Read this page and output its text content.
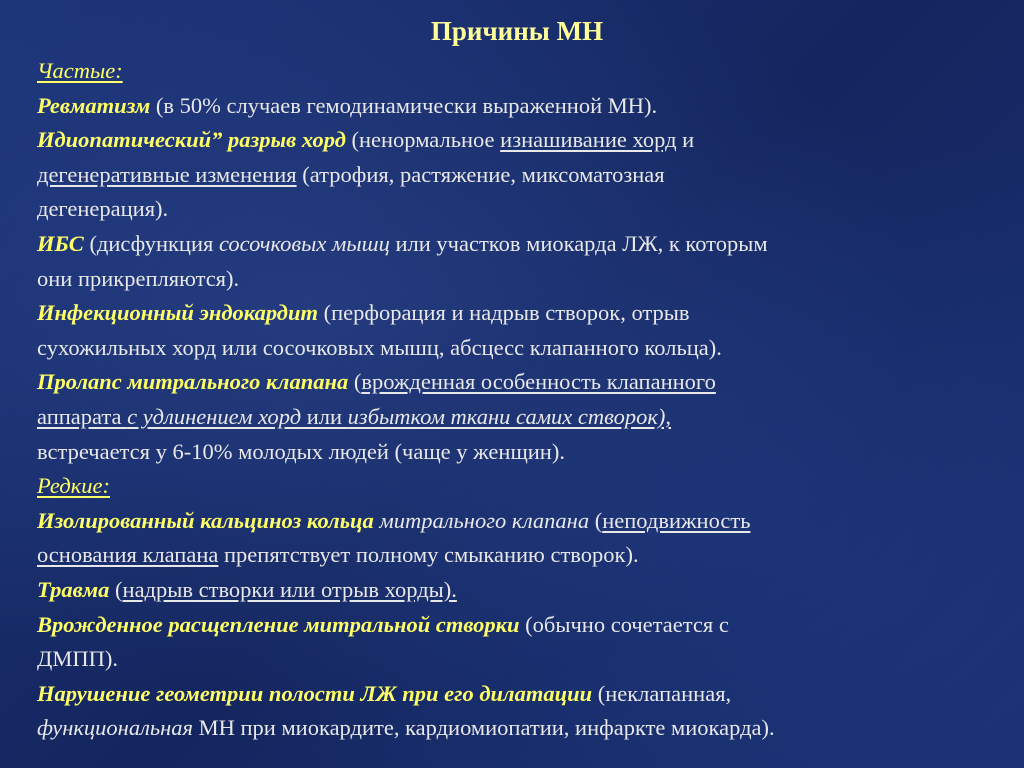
Причины МН
Частые:
Ревматизм (в 50% случаев гемодинамически выраженной МН).
Идиопатический” разрыв хорд (ненормальное изнашивание хорд и
дегенеративные изменения (атрофия, растяжение, миксоматозная
дегенерация).
ИБС (дисфункция сосочковых мышц или участков миокарда ЛЖ, к которым
они прикрепляются).
Инфекционный эндокардит (перфорация и надрыв створок, отрыв
сухожильных хорд или сосочковых мышц, абсцесс клапанного кольца).
Пролапс митрального клапана (врожденная особенность клапанного
аппарата с удлинением хорд или избытком ткани самих створок),
встречается у 6-10% молодых людей (чаще у женщин).
Редкие:
Изолированный кальциноз кольца митрального клапана (неподвижность
основания клапана препятствует полному смыканию створок).
Травма (надрыв створки или отрыв хорды).
Врожденное расщепление митральной створки (обычно сочетается с
ДМПП).
Нарушение геометрии полости ЛЖ при его дилатации (неклапанная,
функциональная МН при миокардите, кардиомиопатии, инфаркте миокарда).
